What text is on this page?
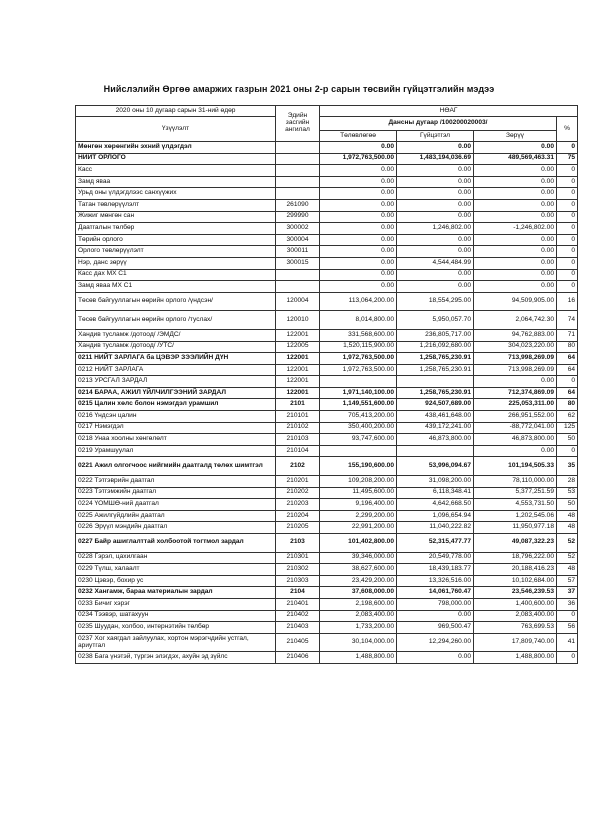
Нийслэлийн Өргөө амаржих газрын 2021 оны 2-р сарын төсвийн гүйцэтгэлийн мэдээ
2020 оны 10 дугаар сарын 31-ний өдөр	Эдийн засгийн ангилал	НӨАГ			
Үзүүлэлт		Дансны дугаар /100200020003/			%
		Төлөвлөгөө	Гүйцэтгэл	Зөрүү	
Мөнгөн хөрөнгийн эхний үлдэгдэл		0.00	0.00	0.00	0
НИЙТ ОРЛОГО		1,972,763,500.00	1,483,194,036.69	489,569,463.31	75
Касс		0.00	0.00	0.00	0
Замд яваа		0.00	0.00	0.00	0
Урьд оны үлдэгдлээс санхүүжих		0.00	0.00	0.00	0
Татан төвлөрүүлэлт	261090	0.00	0.00	0.00	0
Жижиг мөнгөн сан	299990	0.00	0.00	0.00	0
Даатгалын төлбөр	300002	0.00	1,246,802.00	-1,246,802.00	0
Төрийн орлого	300004	0.00	0.00	0.00	0
Орлого төвлөрүүлэлт	300011	0.00	0.00	0.00	0
Нэр, данс зөрүү	300015	0.00	4,544,484.99	0.00	0
Касс дах МХ С1		0.00	0.00	0.00	0
Замд яваа МХ С1		0.00	0.00	0.00	0
Төсөв байгууллагын өөрийн орлого /үндсэн/	120004	113,064,200.00	18,554,295.00	94,509,905.00	16
Төсөв байгууллагын өөрийн орлого /туслах/	120010	8,014,800.00	5,950,057.70	2,064,742.30	74
Хандив тусламж /дотоод/ /ЭМДС/	122001	331,568,600.00	236,805,717.00	94,762,883.00	71
Хандив тусламж /дотоод/ /УТС/	122005	1,520,115,900.00	1,216,092,680.00	304,023,220.00	80
0211 НИЙТ ЗАРЛАГА ба ЦЭВЭР ЗЭЭЛИЙН ДҮН	122001	1,972,763,500.00	1,258,765,230.91	713,998,269.09	64
0212 НИЙТ ЗАРЛАГА	122001	1,972,763,500.00	1,258,765,230.91	713,998,269.09	64
0213 УРСГАЛ ЗАРДАЛ	122001			0.00	0
0214 БАРАА, АЖИЛ ҮЙЛЧИЛГЭЭНИЙ ЗАРДАЛ	122001	1,971,140,100.00	1,258,765,230.91	712,374,869.09	64
0215 Цалин хөлс болон нэмэгдэл урамшил	2101	1,149,551,600.00	924,507,689.00	225,053,311.00	80
0216 Үндсэн цалин	210101	705,413,200.00	438,461,648.00	266,951,552.00	62
0217 Нэмэгдэл	210102	350,400,200.00	439,172,241.00	-88,772,041.00	125
0218 Унаа хоолны хөнгөлөлт	210103	93,747,600.00	46,873,800.00	46,873,800.00	50
0219 Урамшуулал	210104			0.00	0
0221 Ажил олгогчоос нийгмийн даатгалд төлөх шимтгэл	2102	155,190,600.00	53,996,094.67	101,194,505.33	35
0222 Тэтгэврийн даатгал	210201	109,208,200.00	31,098,200.00	78,110,000.00	28
0223 Тэтгэмжийн даатгал	210202	11,495,600.00	6,118,348.41	5,377,251.59	53
0224 ҮОМШӨ-ний даатгал	210203	9,196,400.00	4,642,668.50	4,553,731.50	50
0225 Ажилгүйдлийн даатгал	210204	2,299,200.00	1,096,654.94	1,202,545.06	48
0226 Эрүүл мэндийн даатгал	210205	22,991,200.00	11,040,222.82	11,950,977.18	48
0227 Байр ашиглалттай холбоотой тогтмол зардал	2103	101,402,800.00	52,315,477.77	49,087,322.23	52
0228 Гэрэл, цахилгаан	210301	39,346,000.00	20,549,778.00	18,796,222.00	52
0229 Түлш, халаалт	210302	38,627,600.00	18,439,183.77	20,188,416.23	48
0230 Цэвэр, бохир ус	210303	23,429,200.00	13,326,516.00	10,102,684.00	57
0232 Хангамж, бараа материалын зардал	2104	37,608,000.00	14,061,760.47	23,546,239.53	37
0233 Бичиг хэрэг	210401	2,198,600.00	798,000.00	1,400,600.00	36
0234 Тээвэр, шатахуун	210402	2,083,400.00	0.00	2,083,400.00	0
0235 Шуудан, холбоо, интернэтийн төлбөр	210403	1,733,200.00	969,500.47	763,699.53	56
0237 Хог хаягдал зайлуулах, хортон мэрэгчдийн устгал, ариутгал	210405	30,104,000.00	12,294,260.00	17,809,740.00	41
0238 Бага үнэтэй, түргэн элэгдэх, ахуйн эд зүйлс	210406	1,488,800.00	0.00	1,488,800.00	0
